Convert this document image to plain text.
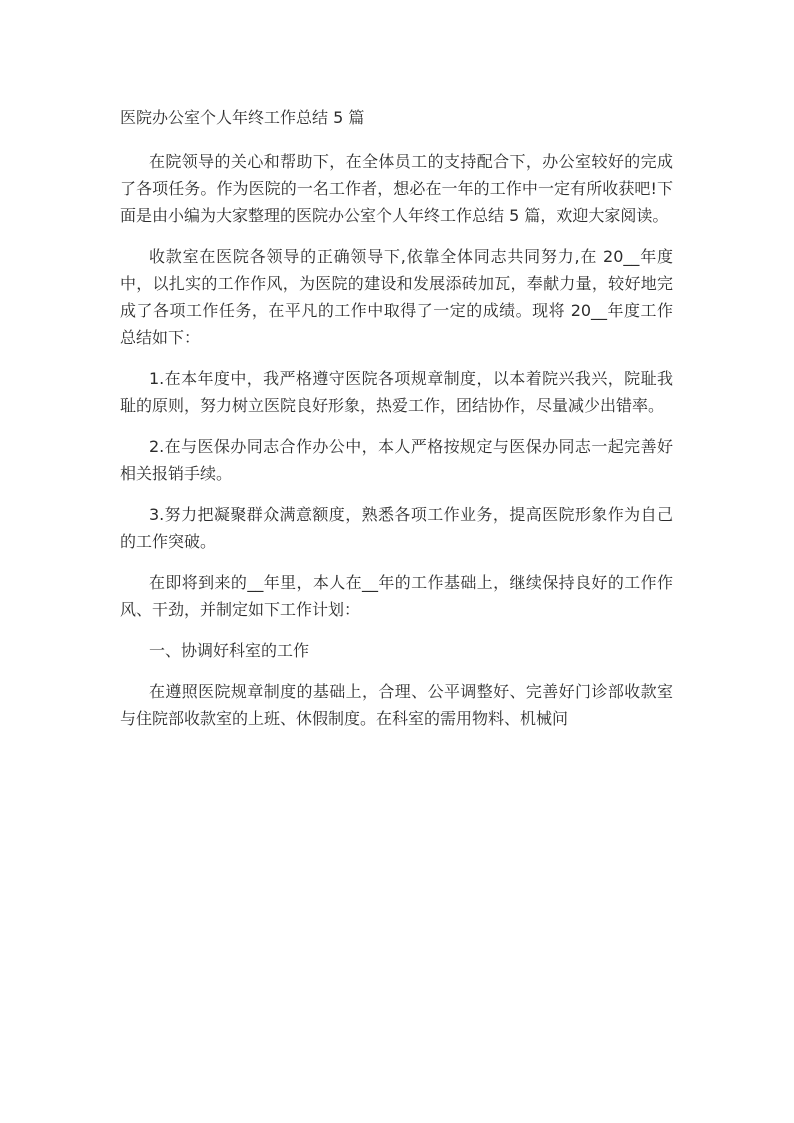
医院办公室个人年终工作总结 5 篇

在院领导的关心和帮助下，在全体员工的支持配合下，办公室较好的完成了各项任务。作为医院的一名工作者，想必在一年的工作中一定有所收获吧!下面是由小编为大家整理的医院办公室个人年终工作总结 5 篇，欢迎大家阅读。

收款室在医院各领导的正确领导下,依靠全体同志共同努力,在 20__年度中，以扎实的工作作风，为医院的建设和发展添砖加瓦，奉献力量，较好地完成了各项工作任务，在平凡的工作中取得了一定的成绩。现将 20__年度工作总结如下：

1.在本年度中，我严格遵守医院各项规章制度，以本着院兴我兴，院耻我耻的原则，努力树立医院良好形象，热爱工作，团结协作，尽量减少出错率。

2.在与医保办同志合作办公中，本人严格按规定与医保办同志一起完善好相关报销手续。

3.努力把凝聚群众满意额度，熟悉各项工作业务，提高医院形象作为自己的工作突破。

在即将到来的__年里，本人在__年的工作基础上，继续保持良好的工作作风、干劲，并制定如下工作计划：

一、协调好科室的工作

在遵照医院规章制度的基础上，合理、公平调整好、完善好门诊部收款室与住院部收款室的上班、休假制度。在科室的需用物料、机械问
